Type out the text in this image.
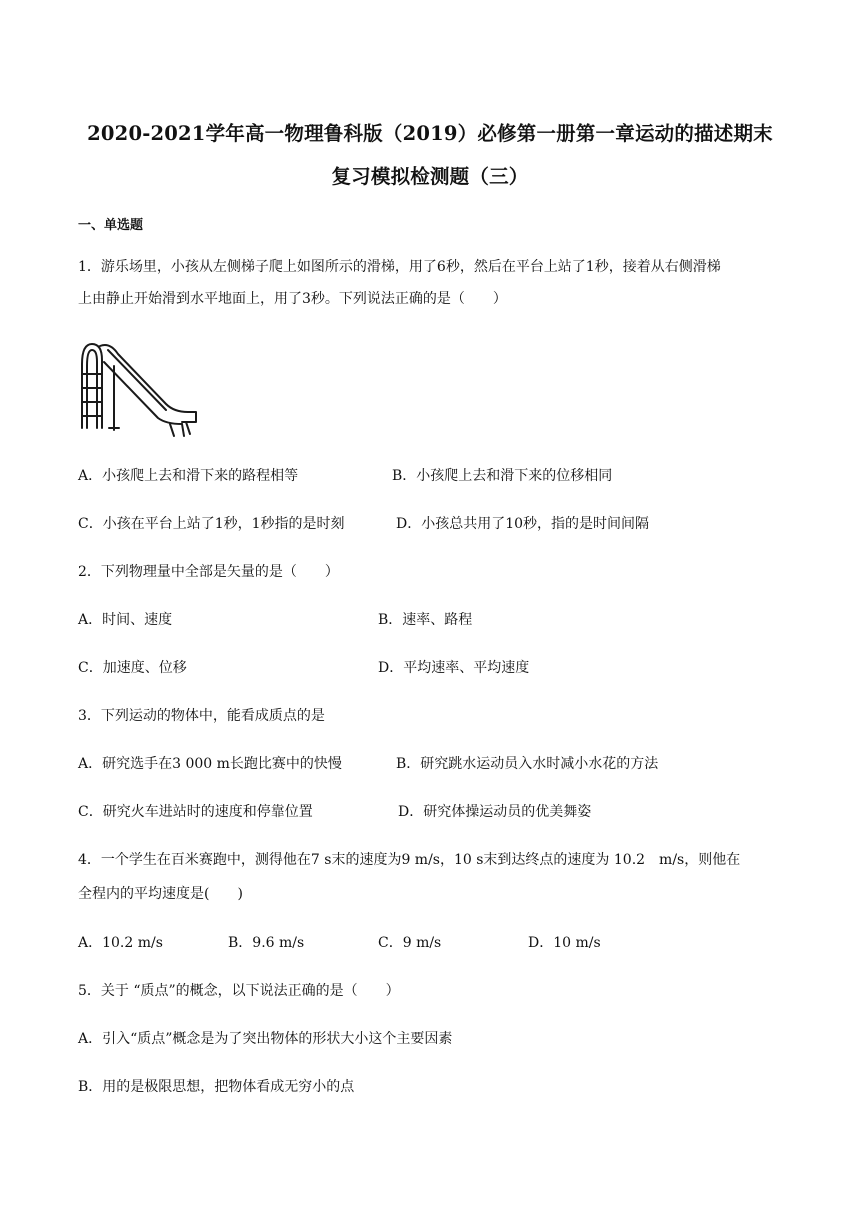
2020-2021学年高一物理鲁科版（2019）必修第一册第一章运动的描述期末
复习模拟检测题（三）
一、单选题
1．游乐场里，小孩从左侧梯子爬上如图所示的滑梯，用了6秒，然后在平台上站了1秒，接着从右侧滑梯
上由静止开始滑到水平地面上，用了3秒。下列说法正确的是（　　）
A．小孩爬上去和滑下来的路程相等	B．小孩爬上去和滑下来的位移相同
C．小孩在平台上站了1秒，1秒指的是时刻	D．小孩总共用了10秒，指的是时间间隔
2．下列物理量中全部是矢量的是（　　）
A．时间、速度	B．速率、路程
C．加速度、位移	D．平均速率、平均速度
3．下列运动的物体中，能看成质点的是
A．研究选手在3 000 m长跑比赛中的快慢	B．研究跳水运动员入水时减小水花的方法
C．研究火车进站时的速度和停靠位置	D．研究体操运动员的优美舞姿
4．一个学生在百米赛跑中，测得他在7 s末的速度为9 m/s，10 s末到达终点的速度为 10.2　m/s，则他在
全程内的平均速度是(　　)
A．10.2 m/s	B．9.6 m/s	C．9 m/s	D．10 m/s
5．关于 “质点”的概念，以下说法正确的是（　　）
A．引入“质点”概念是为了突出物体的形状大小这个主要因素
B．用的是极限思想，把物体看成无穷小的点
